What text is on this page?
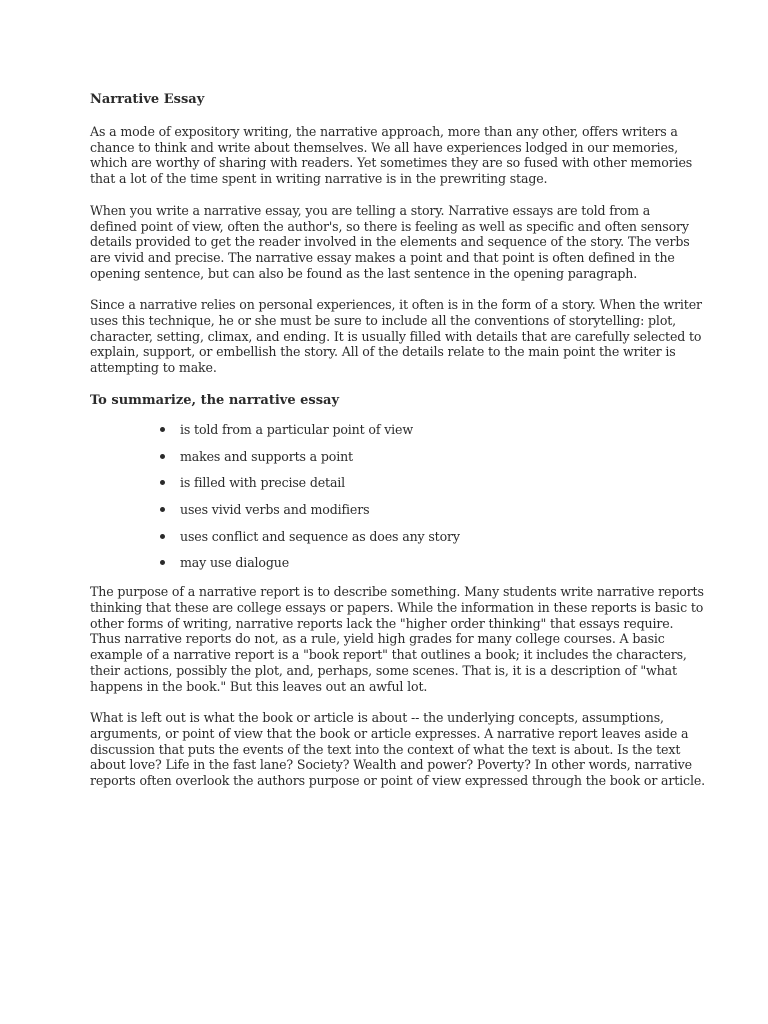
Narrative Essay
As a mode of expository writing, the narrative approach, more than any other, offers writers a
chance to think and write about themselves. We all have experiences lodged in our memories,
which are worthy of sharing with readers. Yet sometimes they are so fused with other memories
that a lot of the time spent in writing narrative is in the prewriting stage.
When you write a narrative essay, you are telling a story. Narrative essays are told from a
defined point of view, often the author's, so there is feeling as well as specific and often sensory
details provided to get the reader involved in the elements and sequence of the story. The verbs
are vivid and precise. The narrative essay makes a point and that point is often defined in the
opening sentence, but can also be found as the last sentence in the opening paragraph.
Since a narrative relies on personal experiences, it often is in the form of a story. When the writer
uses this technique, he or she must be sure to include all the conventions of storytelling: plot,
character, setting, climax, and ending. It is usually filled with details that are carefully selected to
explain, support, or embellish the story. All of the details relate to the main point the writer is
attempting to make.
To summarize, the narrative essay
is told from a particular point of view
makes and supports a point
is filled with precise detail
uses vivid verbs and modifiers
uses conflict and sequence as does any story
may use dialogue
The purpose of a narrative report is to describe something. Many students write narrative reports
thinking that these are college essays or papers. While the information in these reports is basic to
other forms of writing, narrative reports lack the "higher order thinking" that essays require.
Thus narrative reports do not, as a rule, yield high grades for many college courses. A basic
example of a narrative report is a "book report" that outlines a book; it includes the characters,
their actions, possibly the plot, and, perhaps, some scenes. That is, it is a description of "what
happens in the book." But this leaves out an awful lot.
What is left out is what the book or article is about -- the underlying concepts, assumptions,
arguments, or point of view that the book or article expresses. A narrative report leaves aside a
discussion that puts the events of the text into the context of what the text is about. Is the text
about love? Life in the fast lane? Society? Wealth and power? Poverty? In other words, narrative
reports often overlook the authors purpose or point of view expressed through the book or article.
